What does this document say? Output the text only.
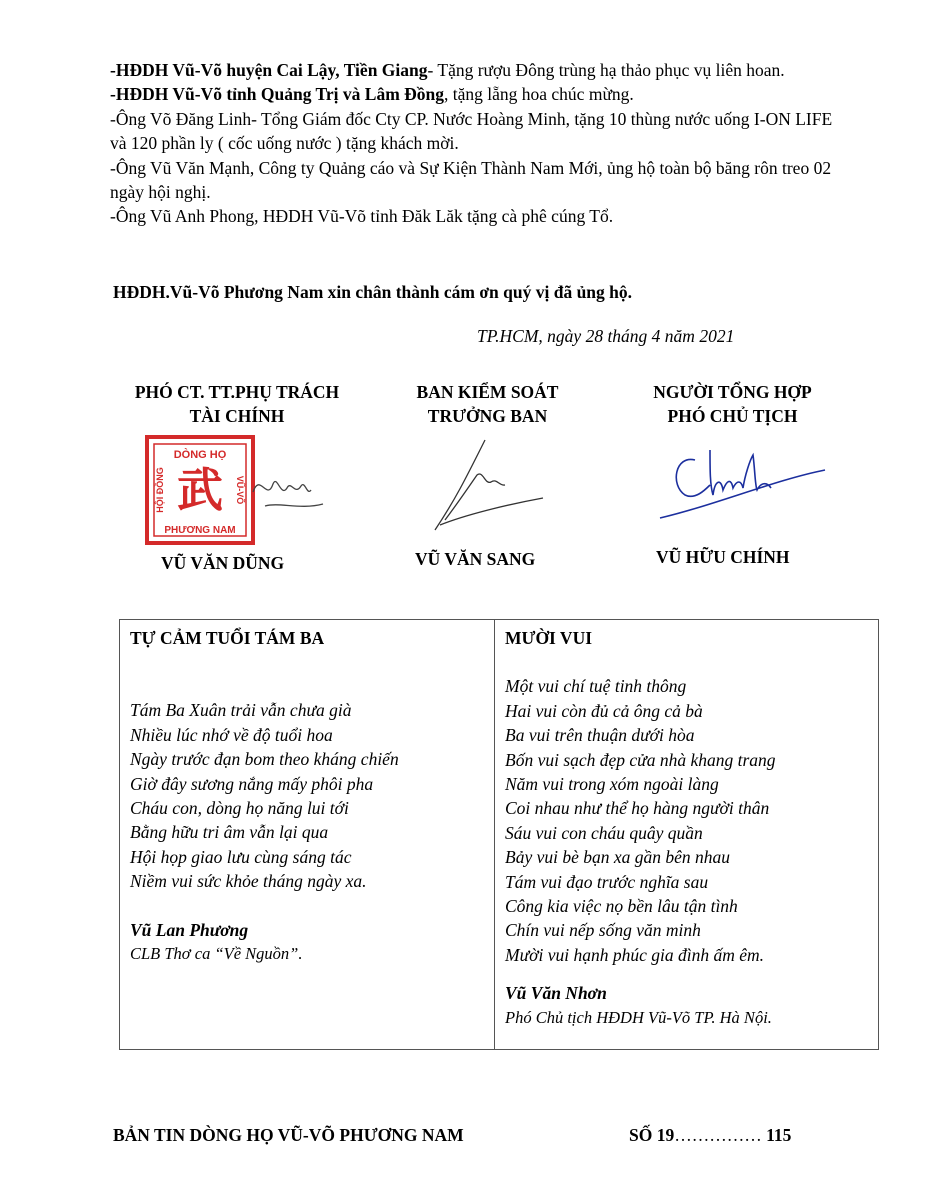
-HĐDH Vũ-Võ huyện Cai Lậy, Tiền Giang- Tặng rượu Đông trùng hạ thảo phục vụ liên hoan.

-HĐDH Vũ-Võ tỉnh Quảng Trị và Lâm Đồng, tặng lẵng hoa chúc mừng.

-Ông Võ Đăng Linh- Tổng Giám đốc Cty CP. Nước Hoàng Minh, tặng 10 thùng nước uống I-ON LIFE và 120 phần ly ( cốc uống nước ) tặng khách mời.

-Ông Vũ Văn Mạnh, Công ty Quảng cáo và Sự Kiện Thành Nam Mới, ủng hộ toàn bộ băng rôn treo 02 ngày hội nghị.

-Ông Vũ Anh Phong, HĐDH Vũ-Võ tỉnh Đăk Lăk tặng cà phê cúng Tổ.

HĐDH.Vũ-Võ Phương Nam xin chân thành cám ơn quý vị đã ủng hộ.
TP.HCM, ngày 28 tháng 4 năm 2021
PHÓ CT. TT.PHỤ TRÁCH
TÀI CHÍNH
DÒNG HỌ
PHƯƠNG NAM
HỘI ĐỒNG	VŨ-VÕ
武
VŨ VĂN DŨNG
BAN KIỂM SOÁT
TRƯỞNG BAN
VŨ VĂN SANG
NGƯỜI TỔNG HỢP
PHÓ CHỦ TỊCH
VŨ HỮU CHÍNH
TỰ CẢM TUỔI TÁM BA
Tám Ba Xuân trải vẫn chưa già
Nhiều lúc nhớ về độ tuổi hoa
Ngày trước đạn bom theo kháng chiến
Giờ đây sương nắng mấy phôi pha
Cháu con, dòng họ năng lui tới
Bằng hữu tri âm vẫn lại qua
Hội họp giao lưu cùng sáng tác
Niềm vui sức khỏe tháng ngày xa.
Vũ Lan Phương
CLB Thơ ca “Về Nguồn”.
MƯỜI VUI
Một vui chí tuệ tinh thông
Hai vui còn đủ cả ông cả bà
Ba vui trên thuận dưới hòa
Bốn vui sạch đẹp cửa nhà khang trang
Năm vui trong xóm ngoài làng
Coi nhau như thể họ hàng người thân
Sáu vui con cháu quây quần
Bảy vui bè bạn xa gần bên nhau
Tám vui đạo trước nghĩa sau
Công kia việc nọ bền lâu tận tình
Chín vui nếp sống văn minh
Mười vui hạnh phúc gia đình ấm êm.
Vũ Văn Nhơn
Phó Chủ tịch HĐDH Vũ-Võ TP. Hà Nội.
BẢN TIN DÒNG HỌ VŨ-VÕ PHƯƠNG NAM	SỐ 19…………… 115
